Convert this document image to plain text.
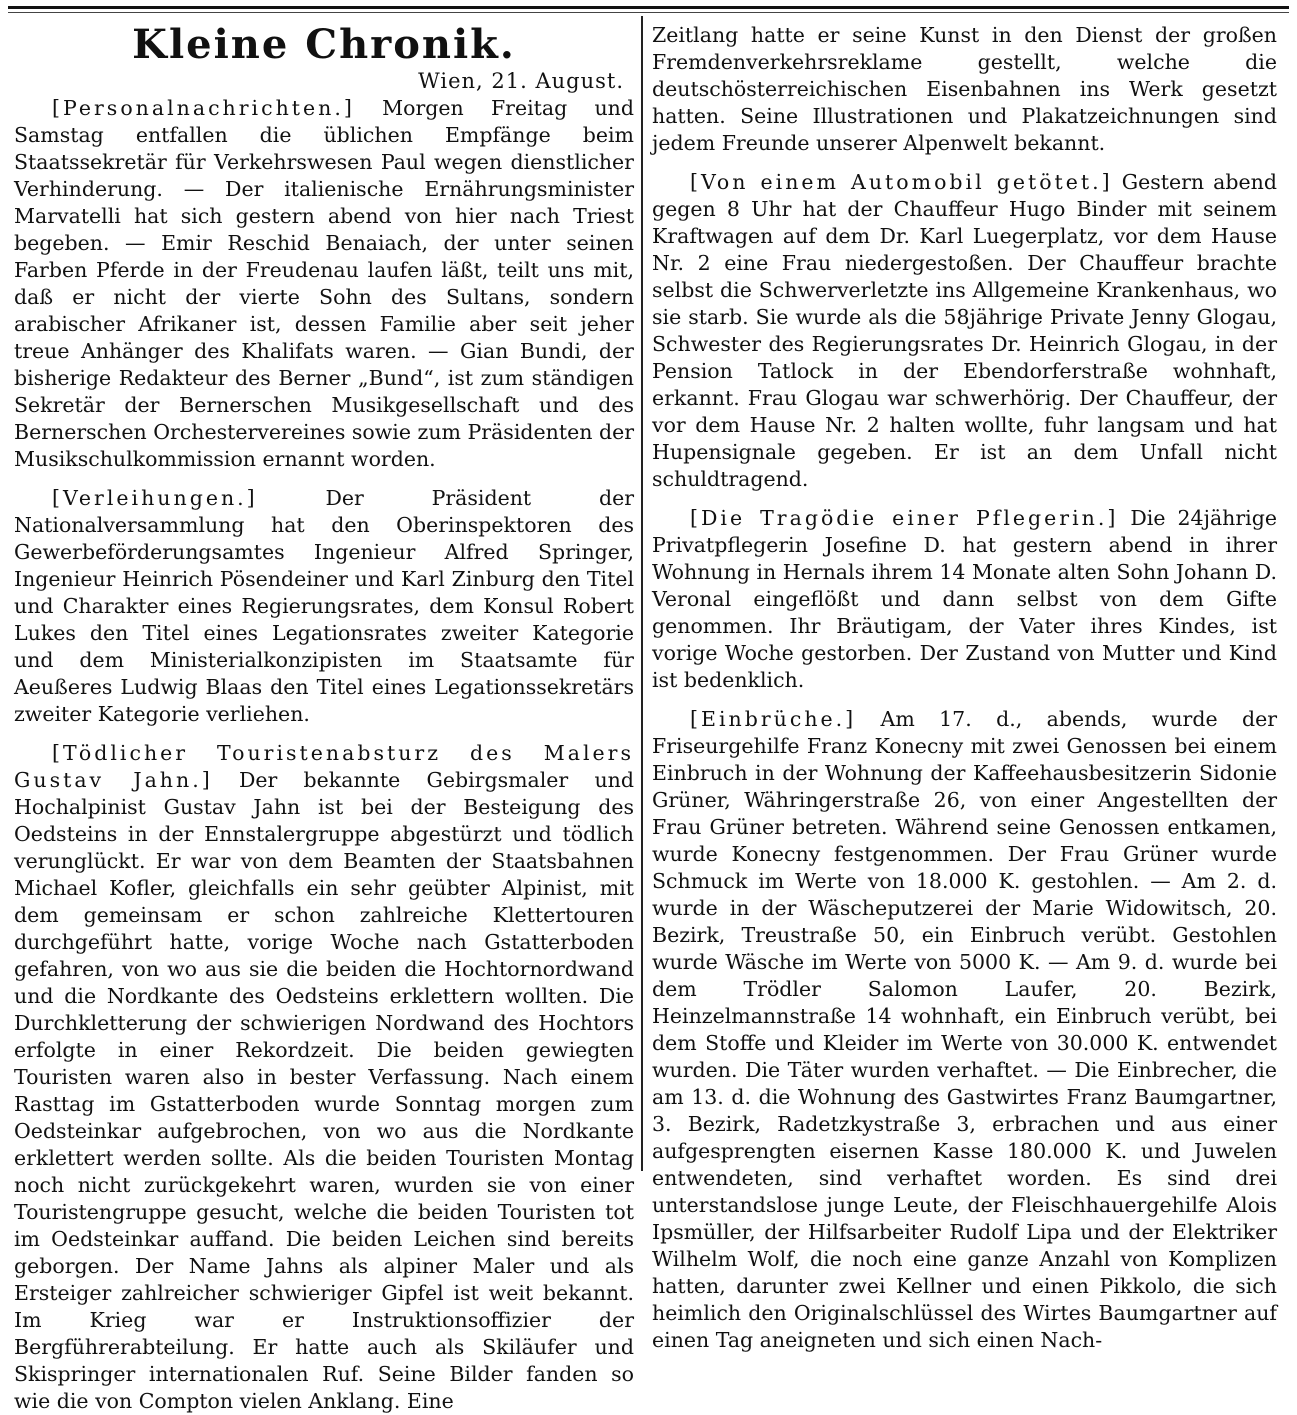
Kleine Chronik.

Wien, 21. August.

[Personalnachrichten.] Morgen Freitag und Samstag entfallen die üblichen Empfänge beim Staatssekretär für Verkehrswesen Paul wegen dienstlicher Verhinderung. — Der italienische Ernährungsminister Marvatelli hat sich gestern abend von hier nach Triest begeben. — Emir Reschid Benaiach, der unter seinen Farben Pferde in der Freudenau laufen läßt, teilt uns mit, daß er nicht der vierte Sohn des Sultans, sondern arabischer Afrikaner ist, dessen Familie aber seit jeher treue Anhänger des Khalifats waren. — Gian Bundi, der bisherige Redakteur des Berner „Bund“, ist zum ständigen Sekretär der Bernerschen Musikgesellschaft und des Bernerschen Orchestervereines sowie zum Präsidenten der Musikschulkommission ernannt worden.

[Verleihungen.] Der Präsident der Nationalversammlung hat den Oberinspektoren des Gewerbeförderungsamtes Ingenieur Alfred Springer, Ingenieur Heinrich Pösendeiner und Karl Zinburg den Titel und Charakter eines Regierungsrates, dem Konsul Robert Lukes den Titel eines Legationsrates zweiter Kategorie und dem Ministerialkonzipisten im Staatsamte für Aeußeres Ludwig Blaas den Titel eines Legationssekretärs zweiter Kategorie verliehen.

[Tödlicher Touristenabsturz des Malers Gustav Jahn.] Der bekannte Gebirgsmaler und Hochalpinist Gustav Jahn ist bei der Besteigung des Oedsteins in der Ennstalergruppe abgestürzt und tödlich verunglückt. Er war von dem Beamten der Staatsbahnen Michael Kofler, gleichfalls ein sehr geübter Alpinist, mit dem gemeinsam er schon zahlreiche Klettertouren durchgeführt hatte, vorige Woche nach Gstatterboden gefahren, von wo aus sie die beiden die Hochtornordwand und die Nordkante des Oedsteins erklettern wollten. Die Durchkletterung der schwierigen Nordwand des Hochtors erfolgte in einer Rekordzeit. Die beiden gewiegten Touristen waren also in bester Verfassung. Nach einem Rasttag im Gstatterboden wurde Sonntag morgen zum Oedsteinkar aufgebrochen, von wo aus die Nordkante erklettert werden sollte. Als die beiden Touristen Montag noch nicht zurückgekehrt waren, wurden sie von einer Touristengruppe gesucht, welche die beiden Touristen tot im Oedsteinkar auffand. Die beiden Leichen sind bereits geborgen. Der Name Jahns als alpiner Maler und als Ersteiger zahlreicher schwieriger Gipfel ist weit bekannt. Im Krieg war er Instruktionsoffizier der Bergführerabteilung. Er hatte auch als Skiläufer und Skispringer internationalen Ruf. Seine Bilder fanden so wie die von Compton vielen Anklang. Eine

Zeitlang hatte er seine Kunst in den Dienst der großen Fremdenverkehrsreklame gestellt, welche die deutschösterreichischen Eisenbahnen ins Werk gesetzt hatten. Seine Illustrationen und Plakatzeichnungen sind jedem Freunde unserer Alpenwelt bekannt.

[Von einem Automobil getötet.] Gestern abend gegen 8 Uhr hat der Chauffeur Hugo Binder mit seinem Kraftwagen auf dem Dr. Karl Luegerplatz, vor dem Hause Nr. 2 eine Frau niedergestoßen. Der Chauffeur brachte selbst die Schwerverletzte ins Allgemeine Krankenhaus, wo sie starb. Sie wurde als die 58jährige Private Jenny Glogau, Schwester des Regierungsrates Dr. Heinrich Glogau, in der Pension Tatlock in der Ebendorferstraße wohnhaft, erkannt. Frau Glogau war schwerhörig. Der Chauffeur, der vor dem Hause Nr. 2 halten wollte, fuhr langsam und hat Hupensignale gegeben. Er ist an dem Unfall nicht schuldtragend.

[Die Tragödie einer Pflegerin.] Die 24jährige Privatpflegerin Josefine D. hat gestern abend in ihrer Wohnung in Hernals ihrem 14 Monate alten Sohn Johann D. Veronal eingeflößt und dann selbst von dem Gifte genommen. Ihr Bräutigam, der Vater ihres Kindes, ist vorige Woche gestorben. Der Zustand von Mutter und Kind ist bedenklich.

[Einbrüche.] Am 17. d., abends, wurde der Friseurgehilfe Franz Konecny mit zwei Genossen bei einem Einbruch in der Wohnung der Kaffeehausbesitzerin Sidonie Grüner, Währingerstraße 26, von einer Angestellten der Frau Grüner betreten. Während seine Genossen entkamen, wurde Konecny festgenommen. Der Frau Grüner wurde Schmuck im Werte von 18.000 K. gestohlen. — Am 2. d. wurde in der Wäscheputzerei der Marie Widowitsch, 20. Bezirk, Treustraße 50, ein Einbruch verübt. Gestohlen wurde Wäsche im Werte von 5000 K. — Am 9. d. wurde bei dem Trödler Salomon Laufer, 20. Bezirk, Heinzelmannstraße 14 wohnhaft, ein Einbruch verübt, bei dem Stoffe und Kleider im Werte von 30.000 K. entwendet wurden. Die Täter wurden verhaftet. — Die Einbrecher, die am 13. d. die Wohnung des Gastwirtes Franz Baumgartner, 3. Bezirk, Radetzkystraße 3, erbrachen und aus einer aufgesprengten eisernen Kasse 180.000 K. und Juwelen entwendeten, sind verhaftet worden. Es sind drei unterstandslose junge Leute, der Fleischhauergehilfe Alois Ipsmüller, der Hilfsarbeiter Rudolf Lipa und der Elektriker Wilhelm Wolf, die noch eine ganze Anzahl von Komplizen hatten, darunter zwei Kellner und einen Pikkolo, die sich heimlich den Originalschlüssel des Wirtes Baumgartner auf einen Tag aneigneten und sich einen Nach-
